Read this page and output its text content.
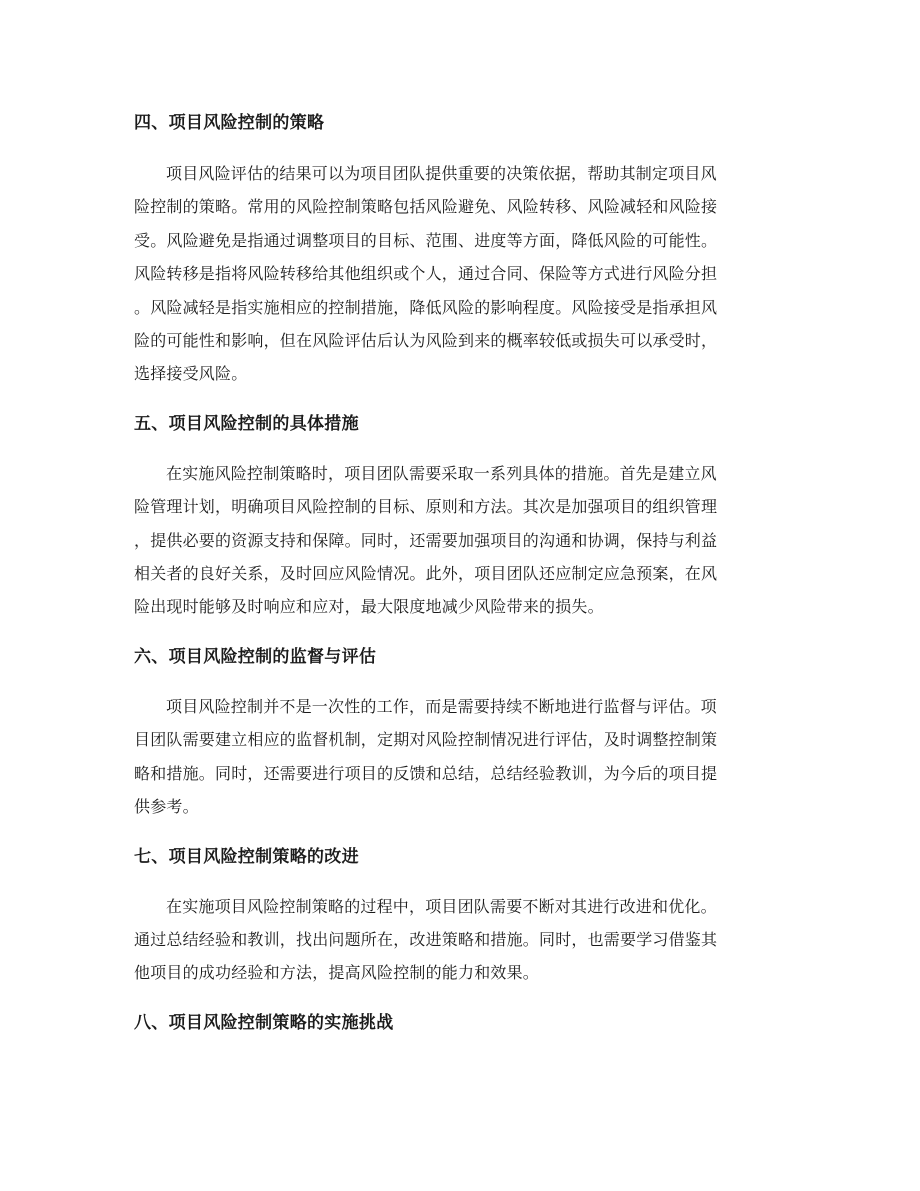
四、项目风险控制的策略
项目风险评估的结果可以为项目团队提供重要的决策依据，帮助其制定项目风
险控制的策略。常用的风险控制策略包括风险避免、风险转移、风险减轻和风险接
受。风险避免是指通过调整项目的目标、范围、进度等方面，降低风险的可能性。
风险转移是指将风险转移给其他组织或个人，通过合同、保险等方式进行风险分担
。风险减轻是指实施相应的控制措施，降低风险的影响程度。风险接受是指承担风
险的可能性和影响，但在风险评估后认为风险到来的概率较低或损失可以承受时，
选择接受风险。
五、项目风险控制的具体措施
在实施风险控制策略时，项目团队需要采取一系列具体的措施。首先是建立风
险管理计划，明确项目风险控制的目标、原则和方法。其次是加强项目的组织管理
，提供必要的资源支持和保障。同时，还需要加强项目的沟通和协调，保持与利益
相关者的良好关系，及时回应风险情况。此外，项目团队还应制定应急预案，在风
险出现时能够及时响应和应对，最大限度地减少风险带来的损失。
六、项目风险控制的监督与评估
项目风险控制并不是一次性的工作，而是需要持续不断地进行监督与评估。项
目团队需要建立相应的监督机制，定期对风险控制情况进行评估，及时调整控制策
略和措施。同时，还需要进行项目的反馈和总结，总结经验教训，为今后的项目提
供参考。
七、项目风险控制策略的改进
在实施项目风险控制策略的过程中，项目团队需要不断对其进行改进和优化。
通过总结经验和教训，找出问题所在，改进策略和措施。同时，也需要学习借鉴其
他项目的成功经验和方法，提高风险控制的能力和效果。
八、项目风险控制策略的实施挑战
